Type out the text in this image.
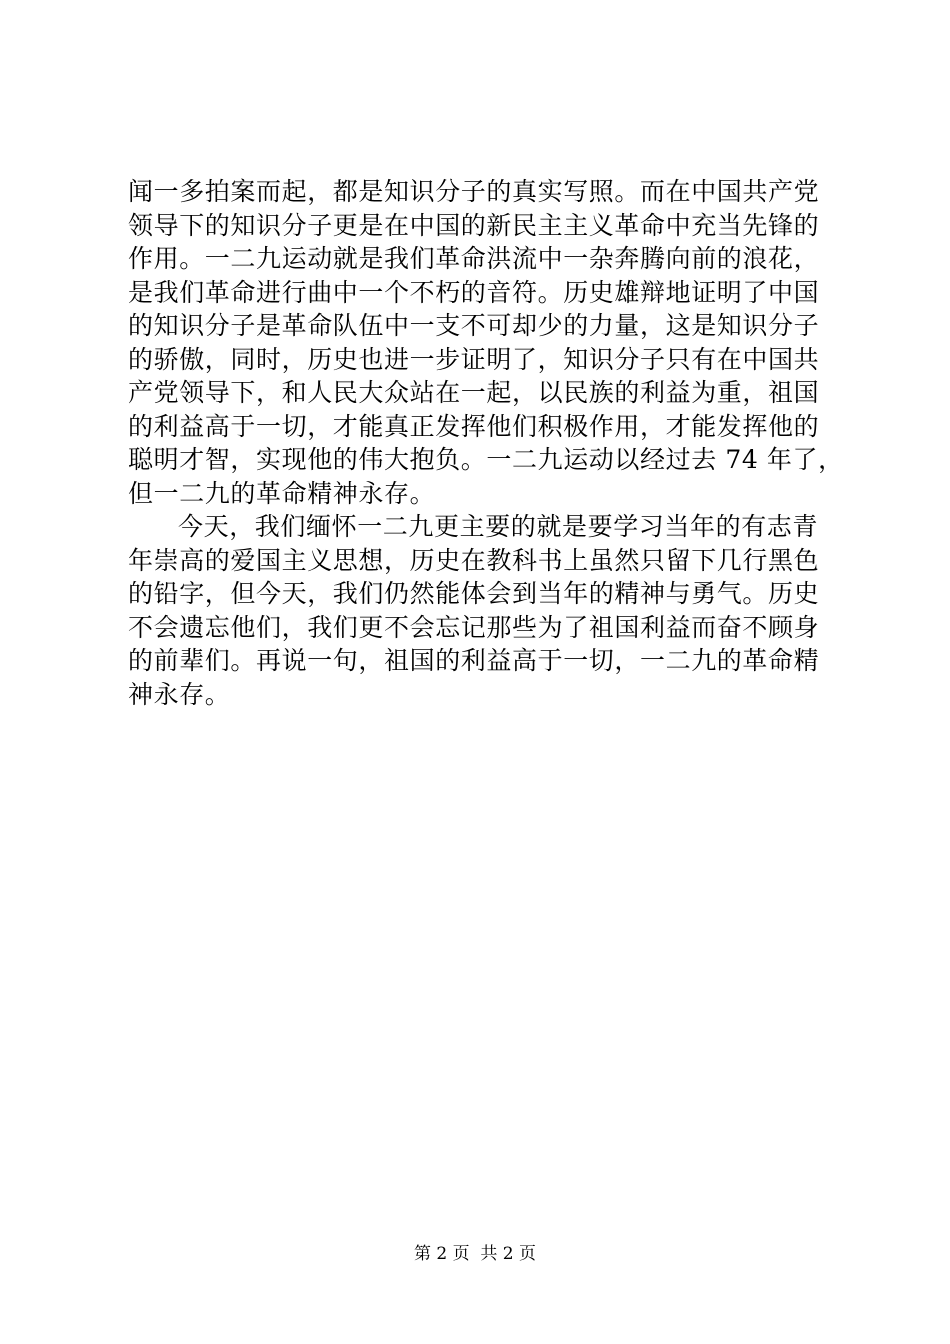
闻一多拍案而起，都是知识分子的真实写照。而在中国共产党
领导下的知识分子更是在中国的新民主主义革命中充当先锋的
作用。一二九运动就是我们革命洪流中一杂奔腾向前的浪花，
是我们革命进行曲中一个不朽的音符。历史雄辩地证明了中国
的知识分子是革命队伍中一支不可却少的力量，这是知识分子
的骄傲，同时，历史也进一步证明了，知识分子只有在中国共
产党领导下，和人民大众站在一起，以民族的利益为重，祖国
的利益高于一切，才能真正发挥他们积极作用，才能发挥他的
聪明才智，实现他的伟大抱负。一二九运动以经过去 74 年了，
但一二九的革命精神永存。
今天，我们缅怀一二九更主要的就是要学习当年的有志青
年崇高的爱国主义思想，历史在教科书上虽然只留下几行黑色
的铅字，但今天，我们仍然能体会到当年的精神与勇气。历史
不会遗忘他们，我们更不会忘记那些为了祖国利益而奋不顾身
的前辈们。再说一句，祖国的利益高于一切，一二九的革命精
神永存。
第 2 页  共 2 页
